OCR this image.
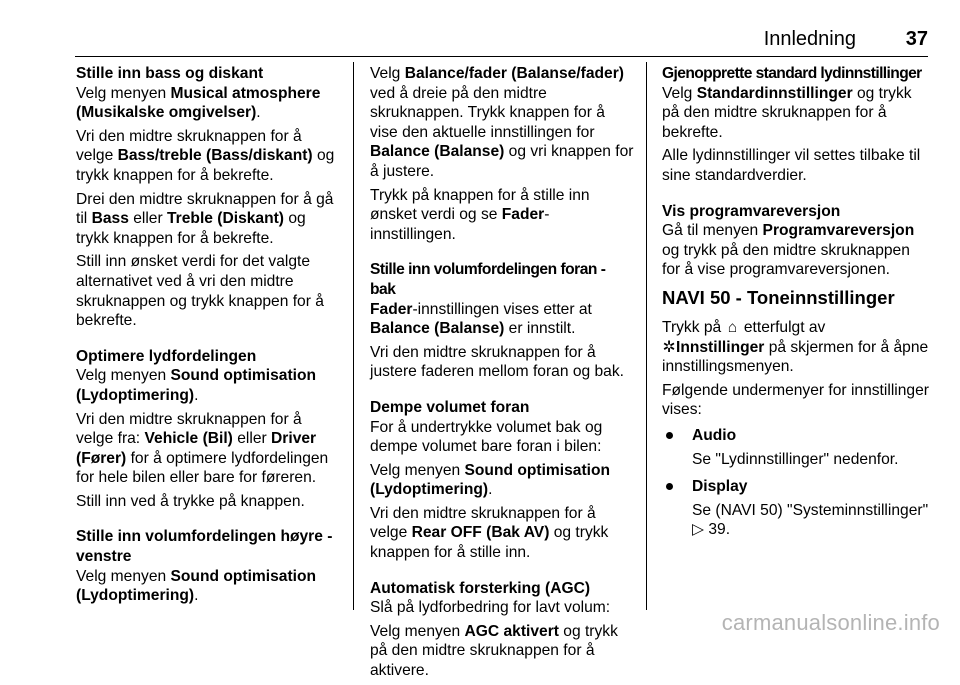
Innledning 37
Stille inn bass og diskant
Velg menyen Musical atmosphere (Musikalske omgivelser).
Vri den midtre skruknappen for å velge Bass/treble (Bass/diskant) og trykk knappen for å bekrefte.
Drei den midtre skruknappen for å gå til Bass eller Treble (Diskant) og trykk knappen for å bekrefte.
Still inn ønsket verdi for det valgte alternativet ved å vri den midtre skruknappen og trykk knappen for å bekrefte.
Optimere lydfordelingen
Velg menyen Sound optimisation (Lydoptimering).
Vri den midtre skruknappen for å velge fra: Vehicle (Bil) eller Driver (Fører) for å optimere lydfordelingen for hele bilen eller bare for føreren.
Still inn ved å trykke på knappen.
Stille inn volumfordelingen høyre - venstre
Velg menyen Sound optimisation (Lydoptimering).
Velg Balance/fader (Balanse/fader) ved å dreie på den midtre skruknappen. Trykk knappen for å vise den aktuelle innstillingen for Balance (Balanse) og vri knappen for å justere.
Trykk på knappen for å stille inn ønsket verdi og se Fader-innstillingen.
Stille inn volumfordelingen foran - bak
Fader-innstillingen vises etter at Balance (Balanse) er innstilt.
Vri den midtre skruknappen for å justere faderen mellom foran og bak.
Dempe volumet foran
For å undertrykke volumet bak og dempe volumet bare foran i bilen:
Velg menyen Sound optimisation (Lydoptimering).
Vri den midtre skruknappen for å velge Rear OFF (Bak AV) og trykk knappen for å stille inn.
Automatisk forsterking (AGC)
Slå på lydforbedring for lavt volum:
Velg menyen AGC aktivert og trykk på den midtre skruknappen for å aktivere.
Gjenopprette standard lydinnstillinger
Velg Standardinnstillinger og trykk på den midtre skruknappen for å bekrefte.
Alle lydinnstillinger vil settes tilbake til sine standardverdier.
Vis programvareversjon
Gå til menyen Programvareversjon og trykk på den midtre skruknappen for å vise programvareversjonen.
NAVI 50 - Toneinnstillinger
Trykk på ⌂ etterfulgt av
✲Innstillinger på skjermen for å åpne innstillingsmenyen.
Følgende undermenyer for innstillinger vises:
Audio
Se "Lydinnstillinger" nedenfor.
Display
Se (NAVI 50) "Systeminnstillinger" ▷ 39.
carmanualsonline.info
